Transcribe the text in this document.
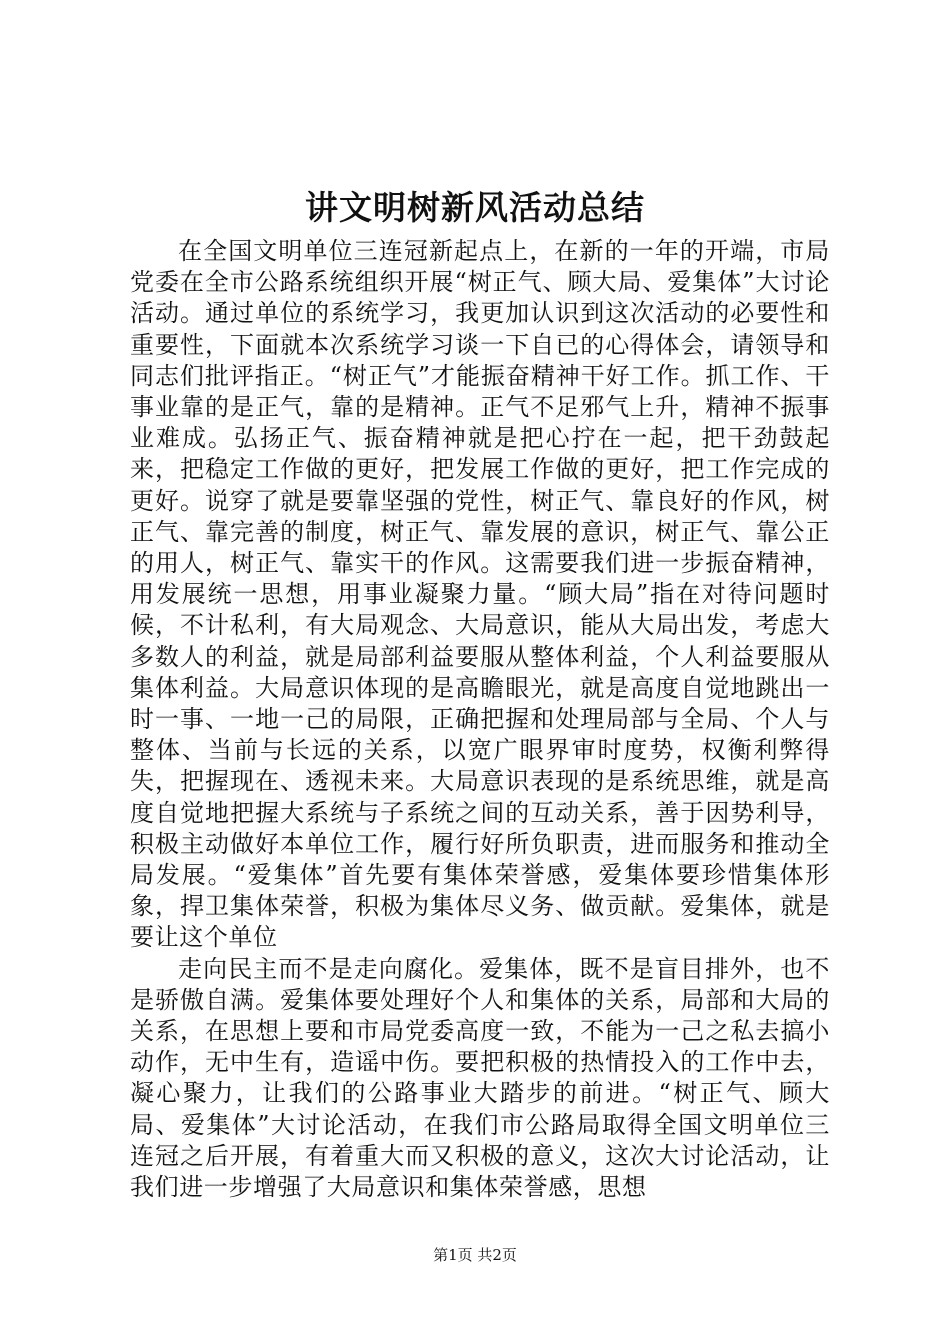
讲文明树新风活动总结

在全国文明单位三连冠新起点上，在新的一年的开端，市局党委在全市公路系统组织开展“树正气、顾大局、爱集体”大讨论活动。通过单位的系统学习，我更加认识到这次活动的必要性和重要性，下面就本次系统学习谈一下自已的心得体会，请领导和同志们批评指正。“树正气”才能振奋精神干好工作。抓工作、干事业靠的是正气，靠的是精神。正气不足邪气上升，精神不振事业难成。弘扬正气、振奋精神就是把心拧在一起，把干劲鼓起来，把稳定工作做的更好，把发展工作做的更好，把工作完成的更好。说穿了就是要靠坚强的党性，树正气、靠良好的作风，树正气、靠完善的制度，树正气、靠发展的意识，树正气、靠公正的用人，树正气、靠实干的作风。这需要我们进一步振奋精神，用发展统一思想，用事业凝聚力量。“顾大局”指在对待问题时候，不计私利，有大局观念、大局意识，能从大局出发，考虑大多数人的利益，就是局部利益要服从整体利益，个人利益要服从集体利益。大局意识体现的是高瞻眼光，就是高度自觉地跳出一时一事、一地一己的局限，正确把握和处理局部与全局、个人与整体、当前与长远的关系，以宽广眼界审时度势，权衡利弊得失，把握现在、透视未来。大局意识表现的是系统思维，就是高度自觉地把握大系统与子系统之间的互动关系，善于因势利导，积极主动做好本单位工作，履行好所负职责，进而服务和推动全局发展。“爱集体”首先要有集体荣誉感，爱集体要珍惜集体形象，捍卫集体荣誉，积极为集体尽义务、做贡献。爱集体，就是要让这个单位

走向民主而不是走向腐化。爱集体，既不是盲目排外，也不是骄傲自满。爱集体要处理好个人和集体的关系，局部和大局的关系，在思想上要和市局党委高度一致，不能为一己之私去搞小动作，无中生有，造谣中伤。要把积极的热情投入的工作中去，凝心聚力，让我们的公路事业大踏步的前进。“树正气、顾大局、爱集体”大讨论活动，在我们市公路局取得全国文明单位三连冠之后开展，有着重大而又积极的意义，这次大讨论活动，让我们进一步增强了大局意识和集体荣誉感，思想

第1页 共2页
